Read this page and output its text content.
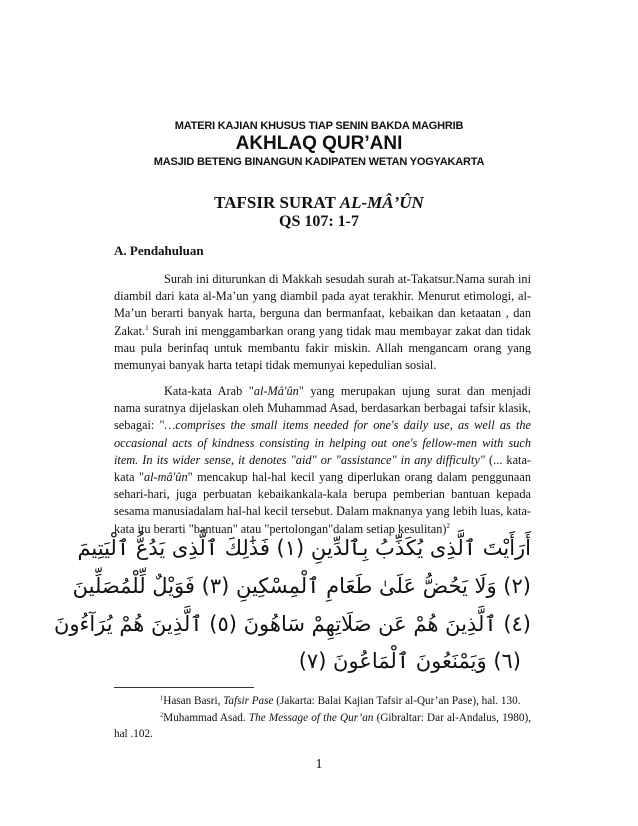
MATERI KAJIAN KHUSUS TIAP SENIN BAKDA MAGHRIB
AKHLAQ QUR’ANI
MASJID BETENG BINANGUN KADIPATEN WETAN YOGYAKARTA
TAFSIR SURAT AL-MÂ’ÛN
QS 107: 1-7
A. Pendahuluan

Surah ini diturunkan di Makkah sesudah surah at-Takatsur.Nama surah ini diambil dari kata al-Ma’un yang diambil pada ayat terakhir. Menurut etimologi, al-Ma’un berarti banyak harta, berguna dan bermanfaat, kebaikan dan ketaatan , dan Zakat.$^1$ Surah ini menggambarkan orang yang tidak mau membayar zakat dan tidak mau pula berinfaq untuk membantu fakir miskin. Allah mengancam orang yang memunyai banyak harta tetapi tidak memunyai kepedulian sosial.

Kata-kata Arab "al-Mâ'ûn" yang merupakan ujung surat dan menjadi nama suratnya dijelaskan oleh Muhammad Asad, berdasarkan berbagai tafsir klasik, sebagai: "…comprises the small items needed for one's daily use, as well as the occasional acts of kindness consisting in helping out one's fellow-men with such item. In its wider sense, it denotes "aid" or "assistance" in any difficulty" (... kata-kata "al-mâ'ûn" mencakup hal-hal kecil yang diperlukan orang dalam penggunaan sehari-hari, juga perbuatan kebaikankala-kala berupa pemberian bantuan kepada sesama manusiadalam hal-hal kecil tersebut. Dalam maknanya yang lebih luas, kata-kata itu berarti "bantuan" atau "pertolongan"dalam setiap kesulitan)$^2$

أَرَأَيْتَ ٱلَّذِى يُكَذِّبُ بِٱلدِّينِ (١) فَذَٰلِكَ ٱلَّذِى يَدُعُّ ٱلْيَتِيمَ
(٢) وَلَا يَحُضُّ عَلَىٰ طَعَامِ ٱلْمِسْكِينِ (٣) فَوَيْلٌ لِّلْمُصَلِّينَ
(٤) ٱلَّذِينَ هُمْ عَن صَلَاتِهِمْ سَاهُونَ (٥) ٱلَّذِينَ هُمْ يُرَآءُونَ
(٦) وَيَمْنَعُونَ ٱلْمَاعُونَ (٧)

$^1$Hasan Basri, Tafsir Pase (Jakarta: Balai Kajian Tafsir al-Qur’an Pase), hal. 130.

$^2$Muhammad Asad. The Message of the Qur’an (Gibraltar: Dar al-Andalus, 1980), hal .102.

1
